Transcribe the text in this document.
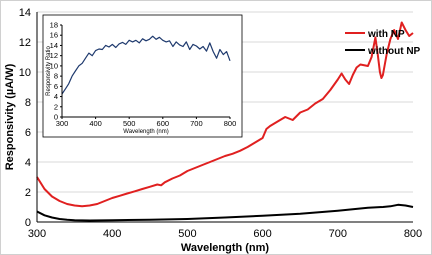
0
2
4
6
8
10
12
14
300	400	500	600	700	800
Wavelength (nm)
Responsivity (µA/W)
with NP
without NP
0
2
4
6
8
10
12
14
16
18
300	400	500	600	700	800
Wavelength (nm)
Responsivity Ratio
